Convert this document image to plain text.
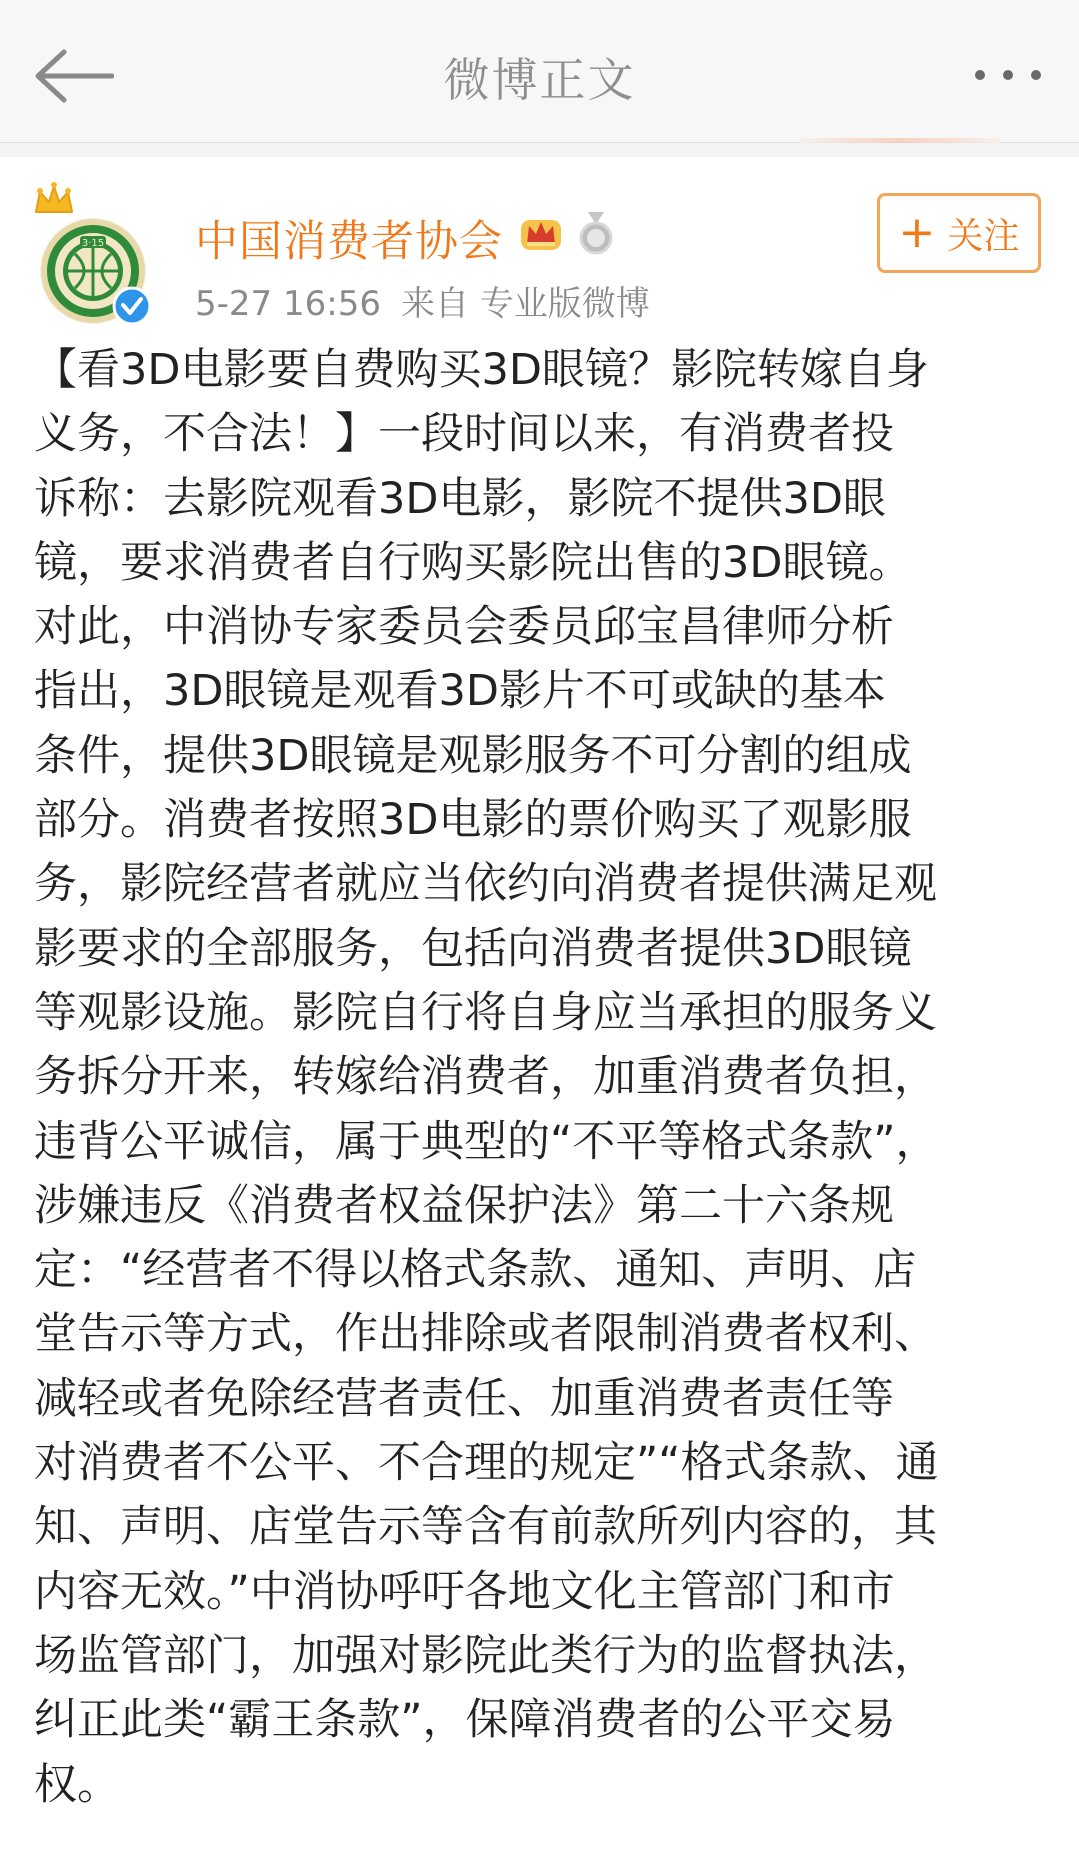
微博正文
3·15 中国消费者协会
5-27 16:56 来自 专业版微博
+ 关注
【看3D电影要自费购买3D眼镜？影院转嫁自身
义务，不合法！】一段时间以来，有消费者投
诉称：去影院观看3D电影，影院不提供3D眼
镜，要求消费者自行购买影院出售的3D眼镜。
对此，中消协专家委员会委员邱宝昌律师分析
指出，3D眼镜是观看3D影片不可或缺的基本
条件，提供3D眼镜是观影服务不可分割的组成
部分。消费者按照3D电影的票价购买了观影服
务，影院经营者就应当依约向消费者提供满足观
影要求的全部服务，包括向消费者提供3D眼镜
等观影设施。影院自行将自身应当承担的服务义
务拆分开来，转嫁给消费者，加重消费者负担，
违背公平诚信，属于典型的“不平等格式条款”，
涉嫌违反《消费者权益保护法》第二十六条规
定：“经营者不得以格式条款、通知、声明、店
堂告示等方式，作出排除或者限制消费者权利、
减轻或者免除经营者责任、加重消费者责任等
对消费者不公平、不合理的规定”“格式条款、通
知、声明、店堂告示等含有前款所列内容的，其
内容无效。”中消协呼吁各地文化主管部门和市
场监管部门，加强对影院此类行为的监督执法，
纠正此类“霸王条款”，保障消费者的公平交易
权。
